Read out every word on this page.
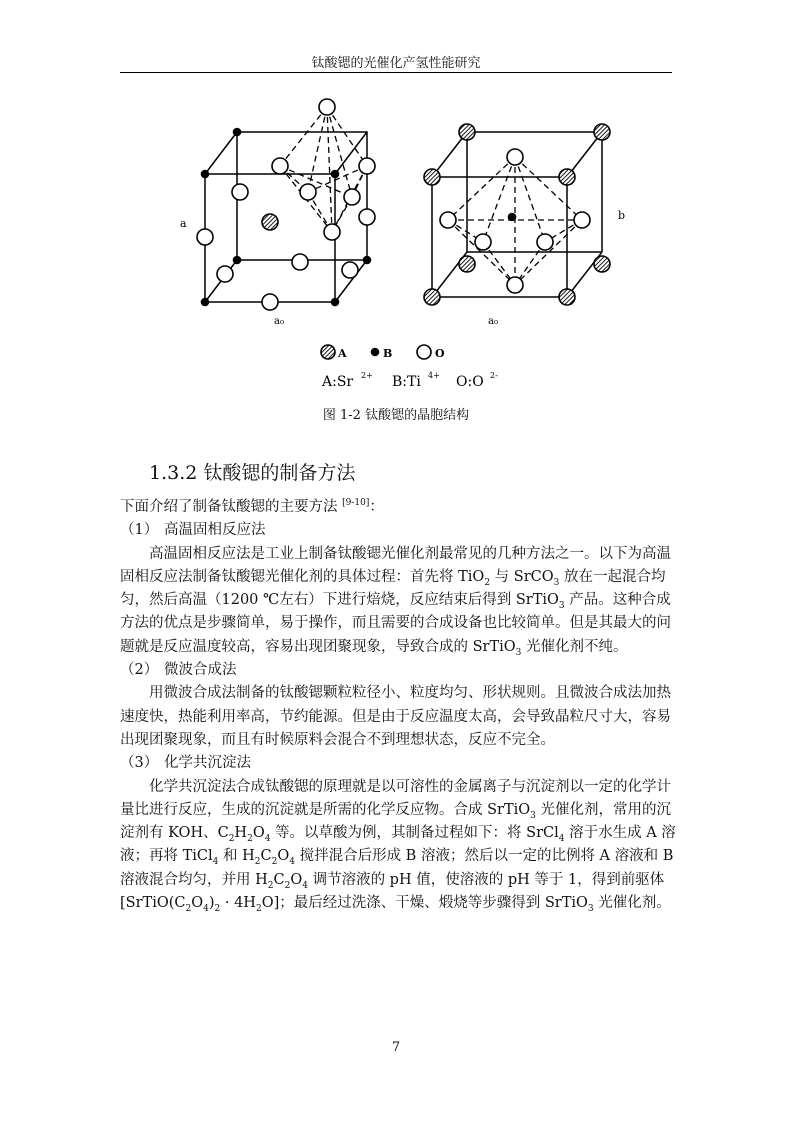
钛酸锶的光催化产氢性能研究
a
a₀
b
a₀
A	B	O
A:Sr 2+ B:Ti 4+ O:O 2-
图 1-2 钛酸锶的晶胞结构
1.3.2 钛酸锶的制备方法

下面介绍了制备钛酸锶的主要方法 [9-10]：

（1） 高温固相反应法

高温固相反应法是工业上制备钛酸锶光催化剂最常见的几种方法之一。以下为高温固相反应法制备钛酸锶光催化剂的具体过程：首先将 TiO$_2$ 与 SrCO$_3$ 放在一起混合均匀，然后高温（1200 ℃左右）下进行焙烧，反应结束后得到 SrTiO$_3$ 产品。这种合成方法的优点是步骤简单，易于操作，而且需要的合成设备也比较简单。但是其最大的问题就是反应温度较高，容易出现团聚现象，导致合成的 SrTiO$_3$ 光催化剂不纯。

（2） 微波合成法

用微波合成法制备的钛酸锶颗粒粒径小、粒度均匀、形状规则。且微波合成法加热速度快，热能利用率高，节约能源。但是由于反应温度太高，会导致晶粒尺寸大，容易出现团聚现象，而且有时候原料会混合不到理想状态，反应不完全。

（3） 化学共沉淀法

化学共沉淀法合成钛酸锶的原理就是以可溶性的金属离子与沉淀剂以一定的化学计量比进行反应，生成的沉淀就是所需的化学反应物。合成 SrTiO$_3$ 光催化剂，常用的沉淀剂有 KOH、$C_2H_2O_4$ 等。以草酸为例，其制备过程如下：将 SrCl$_4$ 溶于水生成 A 溶液；再将 TiCl$_4$ 和 $H_2C_2O_4$ 搅拌混合后形成 B 溶液；然后以一定的比例将 A 溶液和 B 溶液混合均匀，并用 $H_2C_2O_4$ 调节溶液的 pH 值，使溶液的 pH 等于 1，得到前驱体$[SrTiO(C_2O_4)_2 \cdot 4H_2O]$；最后经过洗涤、干燥、煅烧等步骤得到 SrTiO$_3$ 光催化剂。

7
